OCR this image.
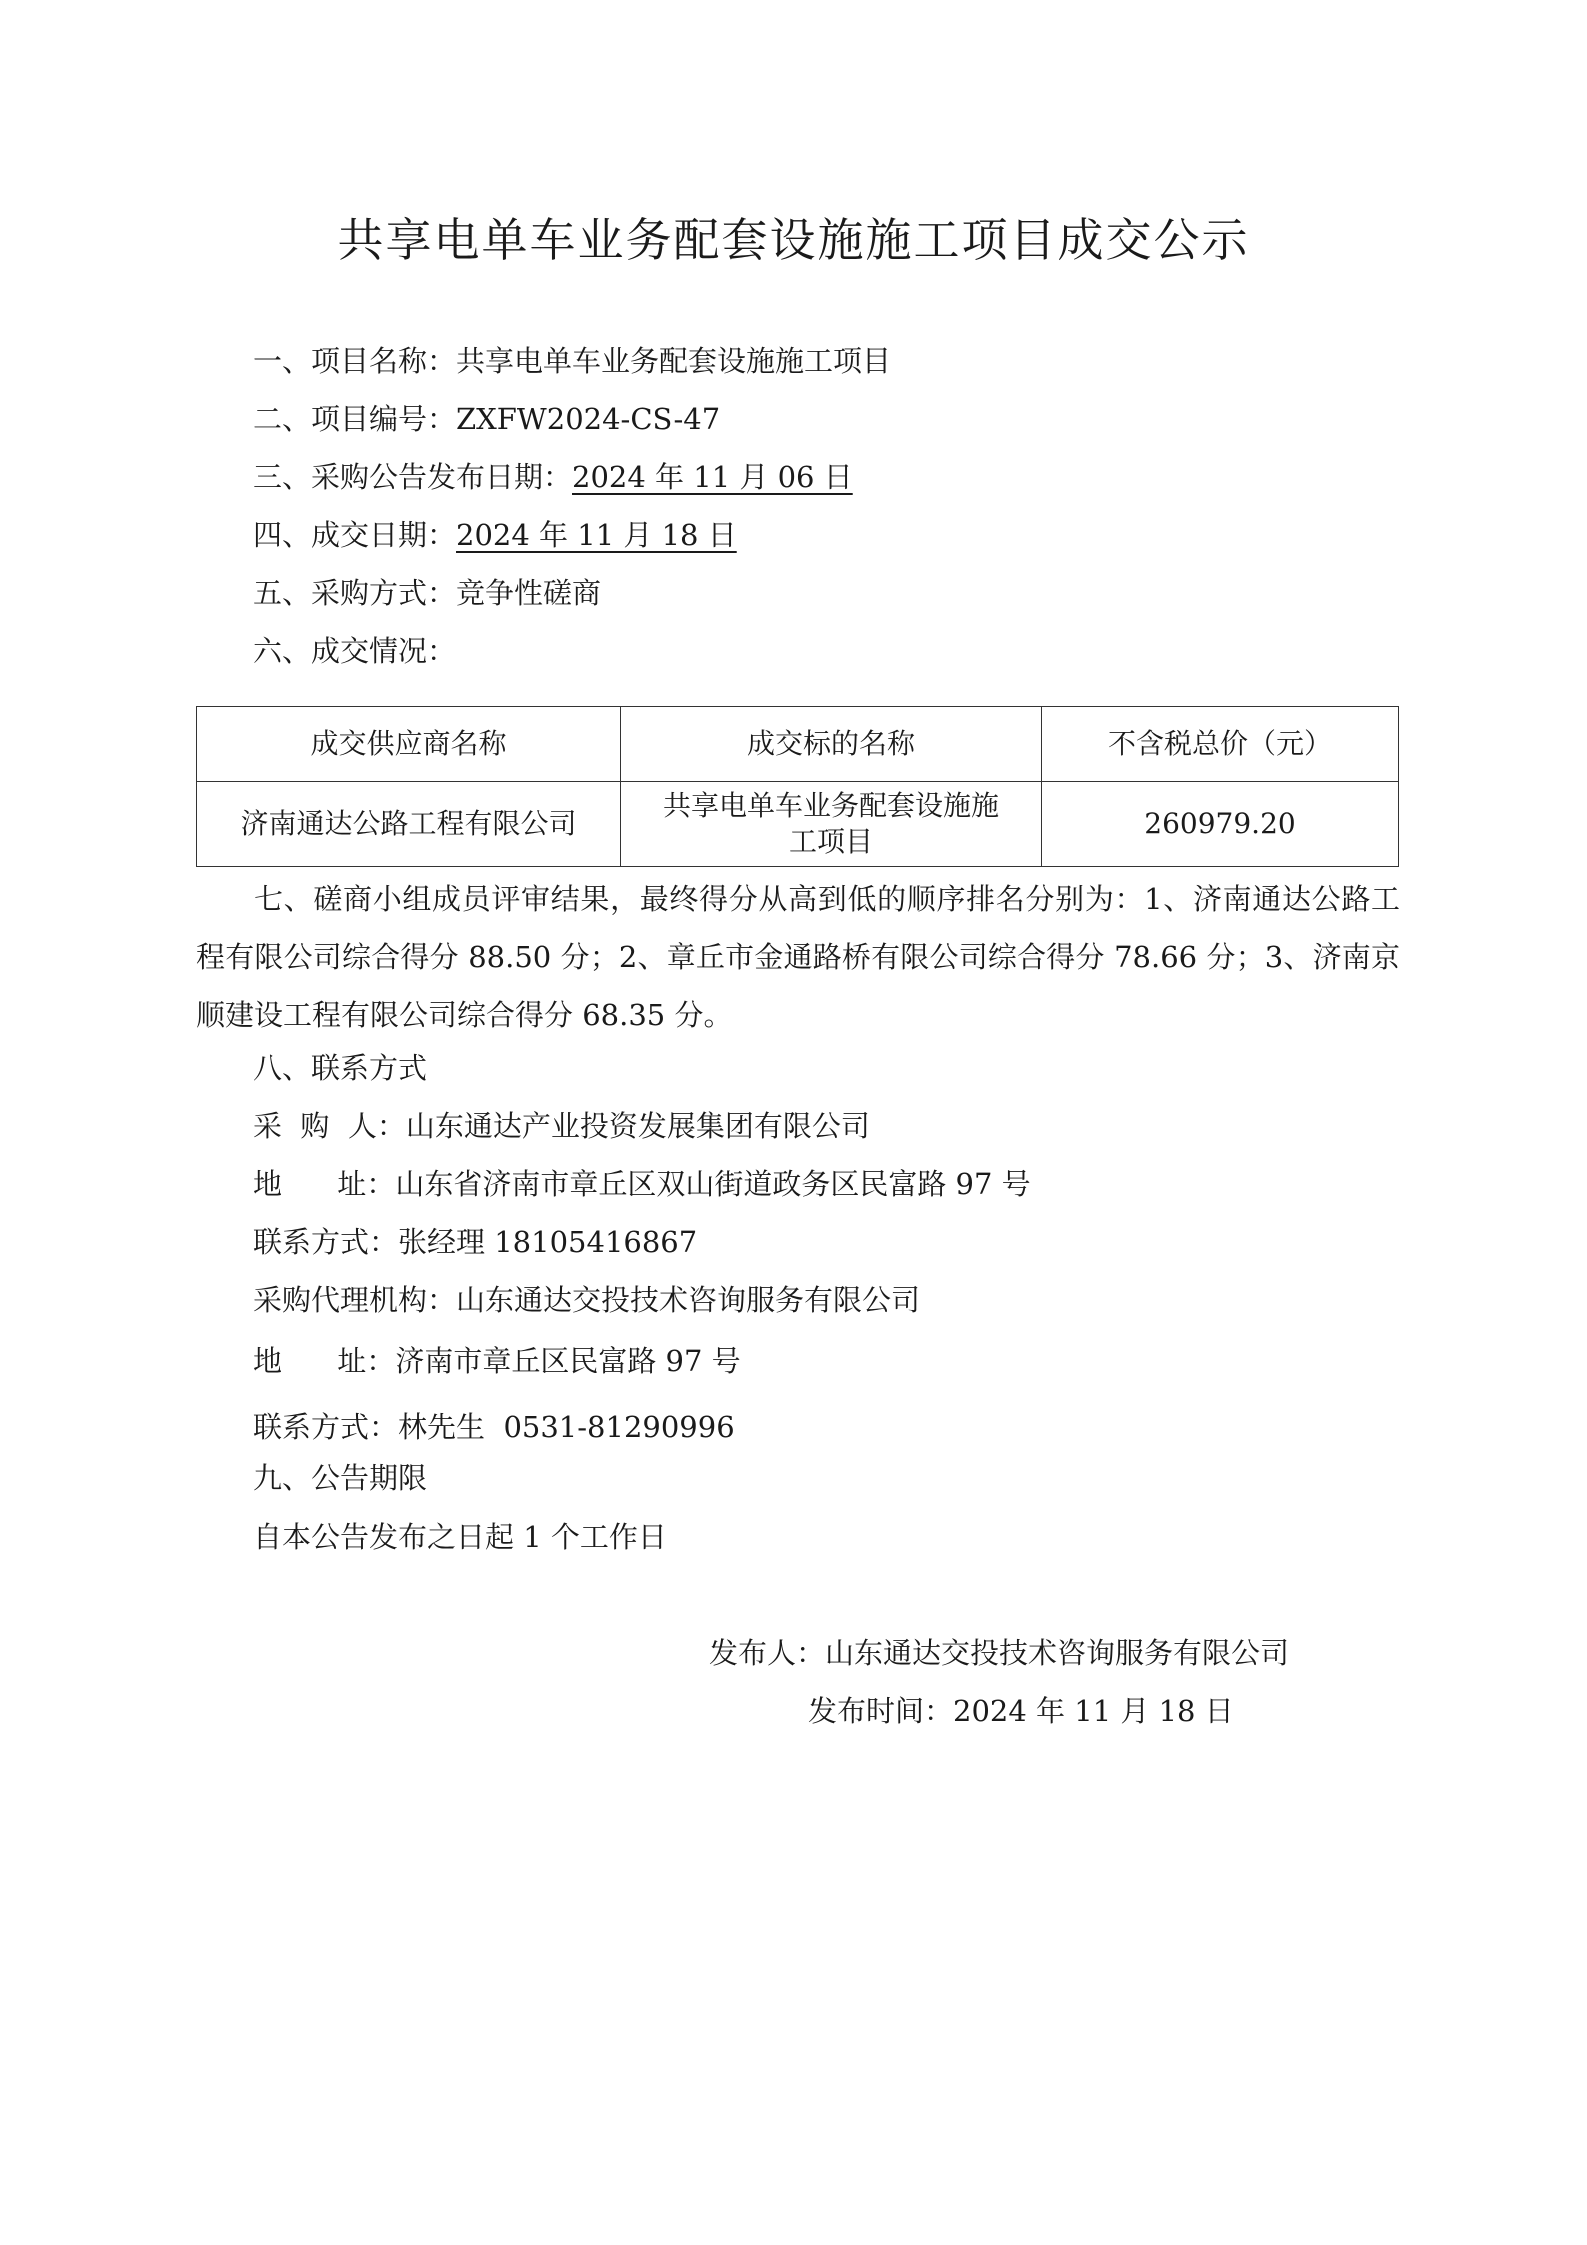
共享电单车业务配套设施施工项目成交公示
一、项目名称：共享电单车业务配套设施施工项目
二、项目编号：ZXFW2024-CS-47
三、采购公告发布日期：2024 年 11 月 06 日
四、成交日期：2024 年 11 月 18 日
五、采购方式：竞争性磋商
六、成交情况：
成交供应商名称	成交标的名称	不含税总价（元）
济南通达公路工程有限公司	共享电单车业务配套设施施工项目	260979.20
七、磋商小组成员评审结果，最终得分从高到低的顺序排名分别为：1、济南通达公路工程有限公司综合得分 88.50 分；2、章丘市金通路桥有限公司综合得分 78.66 分；3、济南京顺建设工程有限公司综合得分 68.35 分。
八、联系方式
采  购  人：山东通达产业投资发展集团有限公司
地      址：山东省济南市章丘区双山街道政务区民富路 97 号
联系方式：张经理 18105416867
采购代理机构：山东通达交投技术咨询服务有限公司
地      址：济南市章丘区民富路 97 号
联系方式：林先生  0531-81290996
九、公告期限
自本公告发布之日起 1 个工作日
发布人：山东通达交投技术咨询服务有限公司
发布时间：2024 年 11 月 18 日
